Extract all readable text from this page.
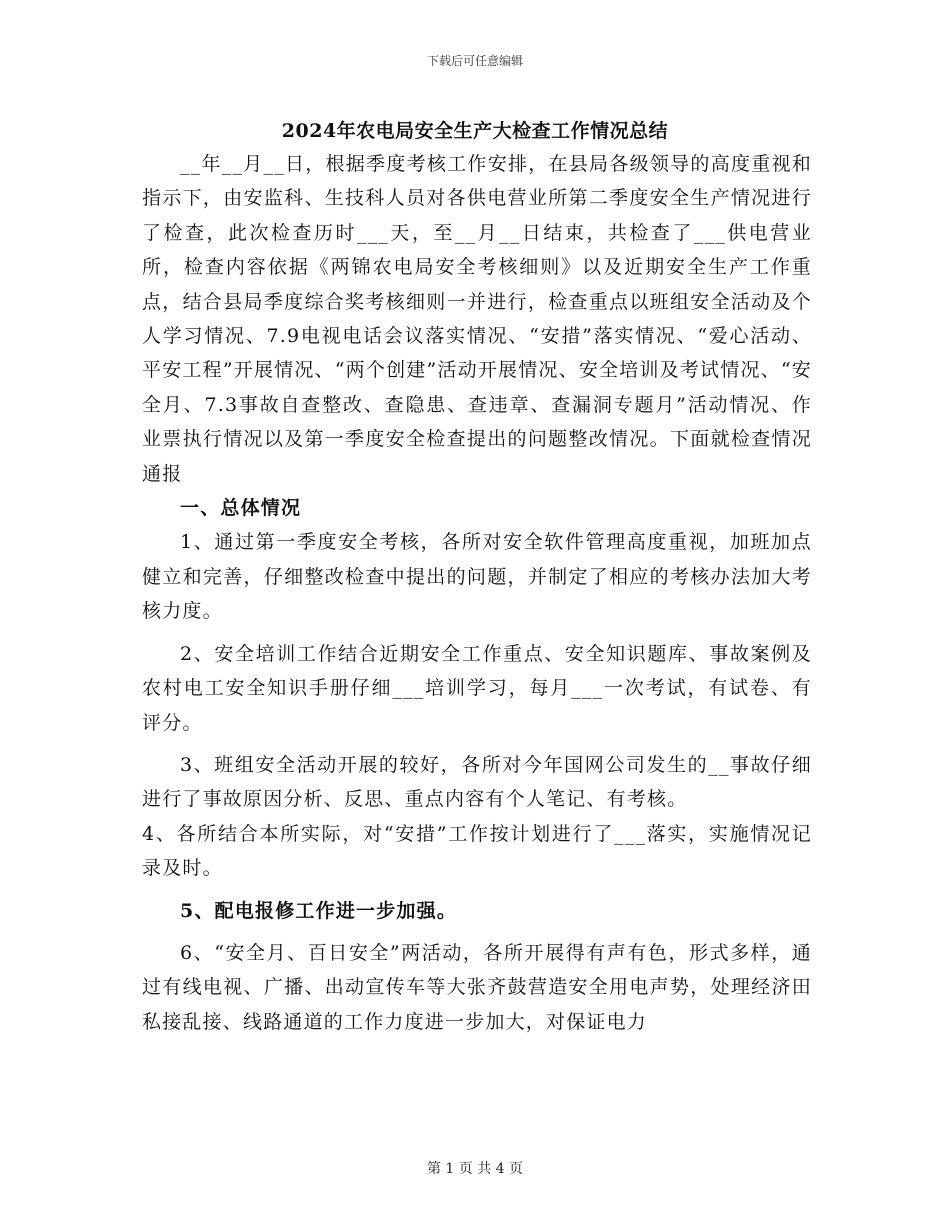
下载后可任意编辑
2024年农电局安全生产大检查工作情况总结

__年__月__日，根据季度考核工作安排，在县局各级领导的高度重视和指示下，由安监科、生技科人员对各供电营业所第二季度安全生产情况进行了检查，此次检查历时___天，至__月__日结束，共检查了___供电营业所，检查内容依据《两锦农电局安全考核细则》以及近期安全生产工作重点，结合县局季度综合奖考核细则一并进行，检查重点以班组安全活动及个人学习情况、7.9电视电话会议落实情况、“安措”落实情况、“爱心活动、平安工程”开展情况、“两个创建”活动开展情况、安全培训及考试情况、“安全月、7.3事故自查整改、查隐患、查违章、查漏洞专题月”活动情况、作业票执行情况以及第一季度安全检查提出的问题整改情况。下面就检查情况通报

一、总体情况

1、通过第一季度安全考核，各所对安全软件管理高度重视，加班加点健立和完善，仔细整改检查中提出的问题，并制定了相应的考核办法加大考核力度。

2、安全培训工作结合近期安全工作重点、安全知识题库、事故案例及农村电工安全知识手册仔细___培训学习，每月___一次考试，有试卷、有评分。

3、班组安全活动开展的较好，各所对今年国网公司发生的__事故仔细进行了事故原因分析、反思、重点内容有个人笔记、有考核。

4、各所结合本所实际，对“安措”工作按计划进行了___落实，实施情况记录及时。

5、配电报修工作进一步加强。

6、“安全月、百日安全”两活动，各所开展得有声有色，形式多样，通过有线电视、广播、出动宣传车等大张齐鼓营造安全用电声势，处理经济田私接乱接、线路通道的工作力度进一步加大，对保证电力

第 1 页 共 4 页
